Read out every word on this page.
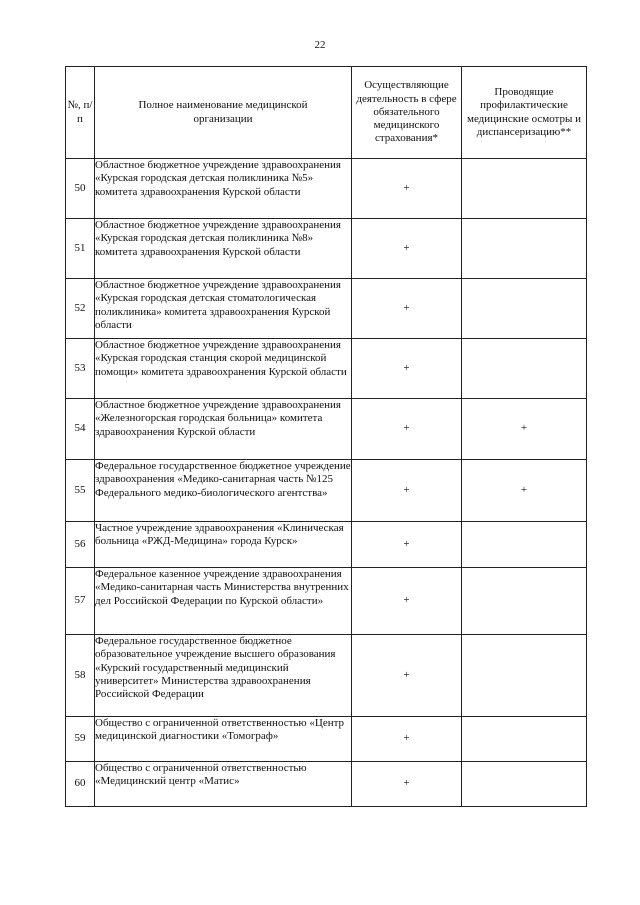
22
№, п/п	Полное наименование медицинской организации	Осуществляющие деятельность в сфере обязательного медицинского страхования*	Проводящие профилактические медицинские осмотры и диспансеризацию**
50	Областное бюджетное учреждение здравоохранения «Курская городская детская поликлиника №5» комитета здравоохранения Курской области	+	
51	Областное бюджетное учреждение здравоохранения «Курская городская детская поликлиника №8» комитета здравоохранения Курской области	+	
52	Областное бюджетное учреждение здравоохранения «Курская городская детская стоматологическая поликлиника» комитета здравоохранения Курской области	+	
53	Областное бюджетное учреждение здравоохранения «Курская городская станция скорой медицинской помощи» комитета здравоохранения Курской области	+	
54	Областное бюджетное учреждение здравоохранения «Железногорская городская больница» комитета здравоохранения Курской области	+	+
55	Федеральное государственное бюджетное учреждение здравоохранения «Медико-санитарная часть №125 Федерального медико-биологического агентства»	+	+
56	Частное учреждение здравоохранения «Клиническая больница «РЖД-Медицина» города Курск»	+	
57	Федеральное казенное учреждение здравоохранения «Медико-санитарная часть Министерства внутренних дел Российской Федерации по Курской области»	+	
58	Федеральное государственное бюджетное образовательное учреждение высшего образования «Курский государственный медицинский университет» Министерства здравоохранения Российской Федерации	+	
59	Общество с ограниченной ответственностью «Центр медицинской диагностики «Томограф»	+	
60	Общество с ограниченной ответственностью «Медицинский центр «Матис»	+	
